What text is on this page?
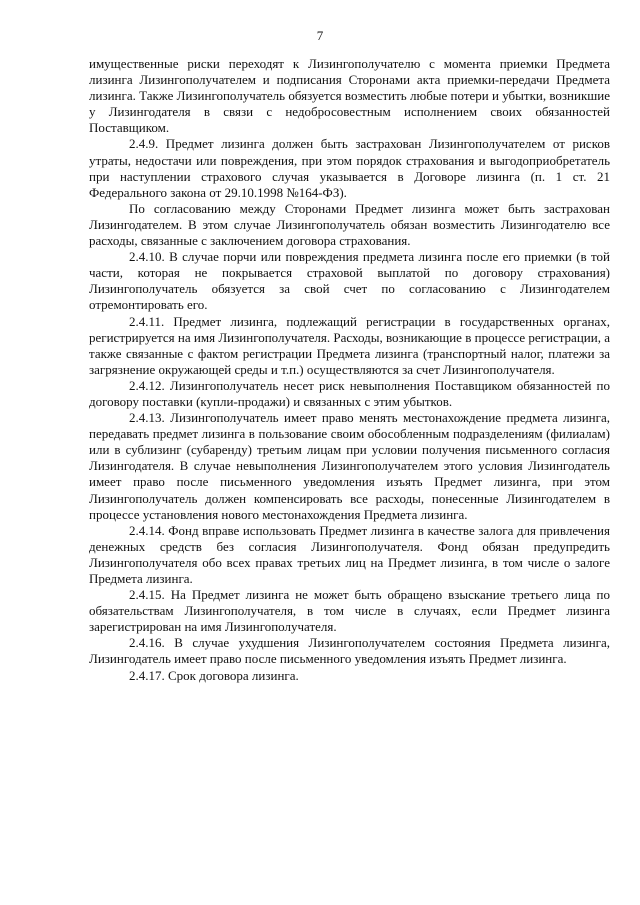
7

имущественные риски переходят к Лизингополучателю с момента приемки Предмета лизинга Лизингополучателем и подписания Сторонами акта приемки-передачи Предмета лизинга. Также Лизингополучатель обязуется возместить любые потери и убытки, возникшие у Лизингодателя в связи с недобросовестным исполнением своих обязанностей Поставщиком.

2.4.9. Предмет лизинга должен быть застрахован Лизингополучателем от рисков утраты, недостачи или повреждения, при этом порядок страхования и выгодоприобретатель при наступлении страхового случая указывается в Договоре лизинга (п. 1 ст. 21 Федерального закона от 29.10.1998 №164-ФЗ).

По согласованию между Сторонами Предмет лизинга может быть застрахован Лизингодателем. В этом случае Лизингополучатель обязан возместить Лизингодателю все расходы, связанные с заключением договора страхования.

2.4.10. В случае порчи или повреждения предмета лизинга после его приемки (в той части, которая не покрывается страховой выплатой по договору страхования) Лизингополучатель обязуется за свой счет по согласованию с Лизингодателем отремонтировать его.

2.4.11. Предмет лизинга, подлежащий регистрации в государственных органах, регистрируется на имя Лизингополучателя. Расходы, возникающие в процессе регистрации, а также связанные с фактом регистрации Предмета лизинга (транспортный налог, платежи за загрязнение окружающей среды и т.п.) осуществляются за счет Лизингополучателя.

2.4.12. Лизингополучатель несет риск невыполнения Поставщиком обязанностей по договору поставки (купли-продажи) и связанных с этим убытков.

2.4.13. Лизингополучатель имеет право менять местонахождение предмета лизинга, передавать предмет лизинга в пользование своим обособленным подразделениям (филиалам) или в сублизинг (субаренду) третьим лицам при условии получения письменного согласия Лизингодателя. В случае невыполнения Лизингополучателем этого условия Лизингодатель имеет право после письменного уведомления изъять Предмет лизинга, при этом Лизингополучатель должен компенсировать все расходы, понесенные Лизингодателем в процессе установления нового местонахождения Предмета лизинга.

2.4.14. Фонд вправе использовать Предмет лизинга в качестве залога для привлечения денежных средств без согласия Лизингополучателя. Фонд обязан предупредить Лизингополучателя обо всех правах третьих лиц на Предмет лизинга, в том числе о залоге Предмета лизинга.

2.4.15. На Предмет лизинга не может быть обращено взыскание третьего лица по обязательствам Лизингополучателя, в том числе в случаях, если Предмет лизинга зарегистрирован на имя Лизингополучателя.

2.4.16. В случае ухудшения Лизингополучателем состояния Предмета лизинга, Лизингодатель имеет право после письменного уведомления изъять Предмет лизинга.

2.4.17. Срок договора лизинга.
